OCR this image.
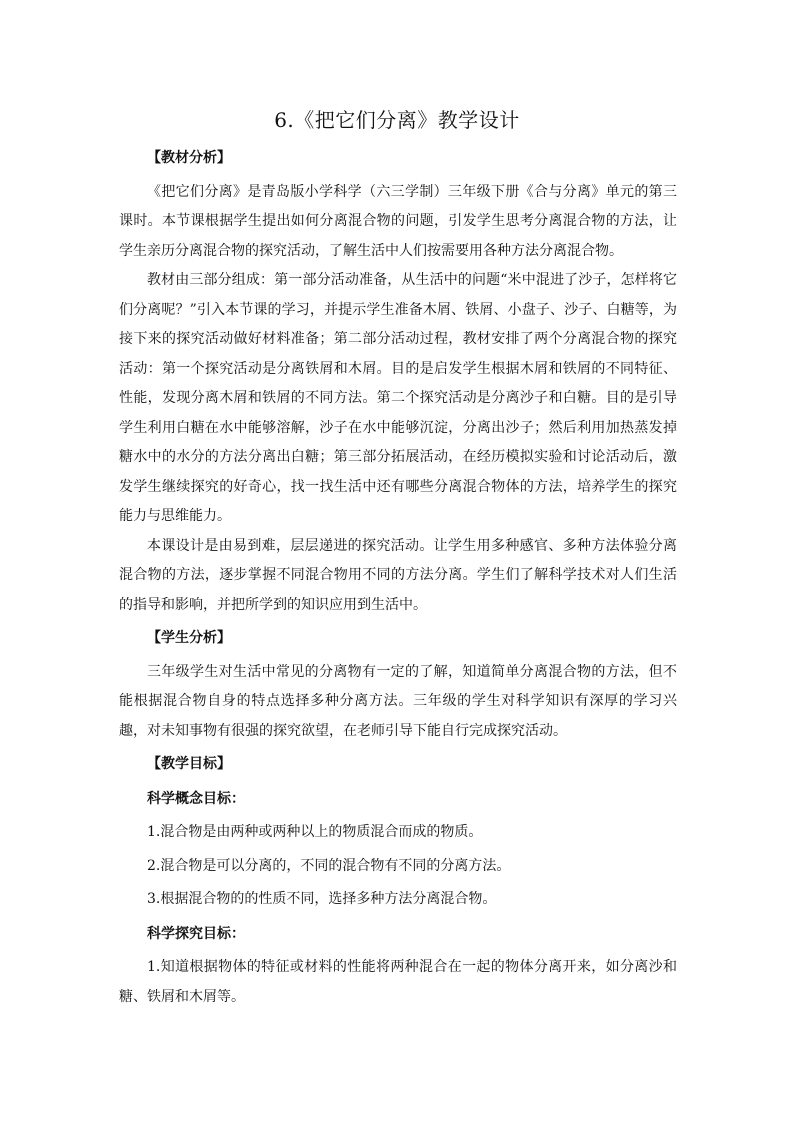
6.《把它们分离》教学设计

【教材分析】

《把它们分离》是青岛版小学科学（六三学制）三年级下册《合与分离》单元的第三课时。本节课根据学生提出如何分离混合物的问题，引发学生思考分离混合物的方法，让学生亲历分离混合物的探究活动，了解生活中人们按需要用各种方法分离混合物。

教材由三部分组成：第一部分活动准备，从生活中的问题“米中混进了沙子，怎样将它们分离呢？”引入本节课的学习，并提示学生准备木屑、铁屑、小盘子、沙子、白糖等，为接下来的探究活动做好材料准备；第二部分活动过程，教材安排了两个分离混合物的探究活动：第一个探究活动是分离铁屑和木屑。目的是启发学生根据木屑和铁屑的不同特征、性能，发现分离木屑和铁屑的不同方法。第二个探究活动是分离沙子和白糖。目的是引导学生利用白糖在水中能够溶解，沙子在水中能够沉淀，分离出沙子；然后利用加热蒸发掉糖水中的水分的方法分离出白糖；第三部分拓展活动，在经历模拟实验和讨论活动后，激发学生继续探究的好奇心，找一找生活中还有哪些分离混合物体的方法，培养学生的探究能力与思维能力。

本课设计是由易到难，层层递进的探究活动。让学生用多种感官、多种方法体验分离混合物的方法，逐步掌握不同混合物用不同的方法分离。学生们了解科学技术对人们生活的指导和影响，并把所学到的知识应用到生活中。

【学生分析】

三年级学生对生活中常见的分离物有一定的了解，知道简单分离混合物的方法，但不能根据混合物自身的特点选择多种分离方法。三年级的学生对科学知识有深厚的学习兴趣，对未知事物有很强的探究欲望，在老师引导下能自行完成探究活动。

【教学目标】

科学概念目标：

1.混合物是由两种或两种以上的物质混合而成的物质。

2.混合物是可以分离的，不同的混合物有不同的分离方法。

3.根据混合物的的性质不同，选择多种方法分离混合物。

科学探究目标：

1.知道根据物体的特征或材料的性能将两种混合在一起的物体分离开来，如分离沙和糖、铁屑和木屑等。
